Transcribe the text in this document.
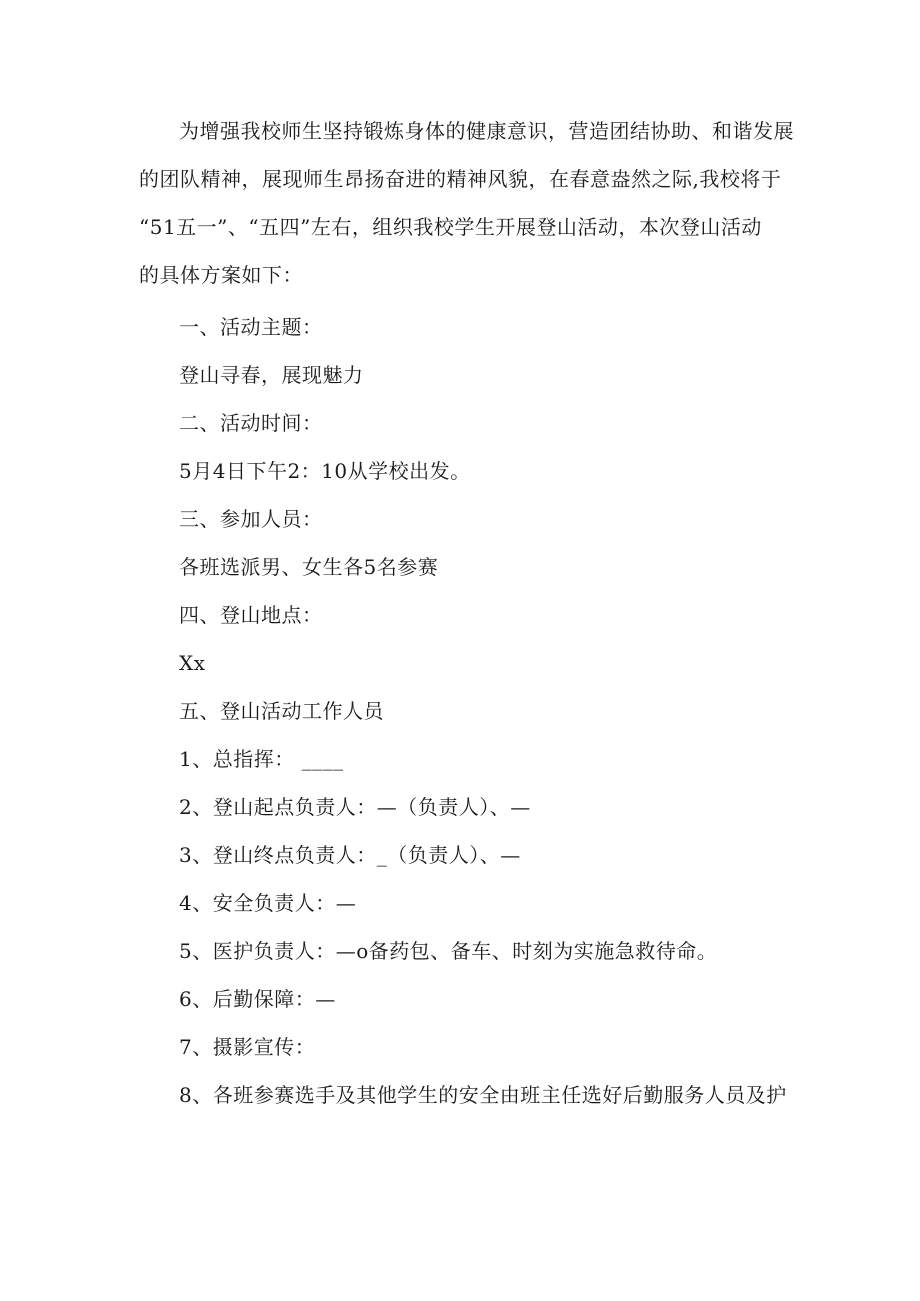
为增强我校师生坚持锻炼身体的健康意识，营造团结协助、和谐发展
的团队精神，展现师生昂扬奋进的精神风貌，在春意盎然之际,我校将于
“51五一”、“五四”左右，组织我校学生开展登山活动，本次登山活动
的具体方案如下：
一、活动主题：
登山寻春，展现魅力
二、活动时间：
5月4日下午2：10从学校出发。
三、参加人员：
各班选派男、女生各5名参赛
四、登山地点：
Xx
五、登山活动工作人员
1、总指挥： ____
2、登山起点负责人：—（负责人）、—
3、登山终点负责人：_（负责人）、—
4、安全负责人：—
5、医护负责人：—o备药包、备车、时刻为实施急救待命。
6、后勤保障：—
7、摄影宣传：
8、各班参赛选手及其他学生的安全由班主任选好后勤服务人员及护
